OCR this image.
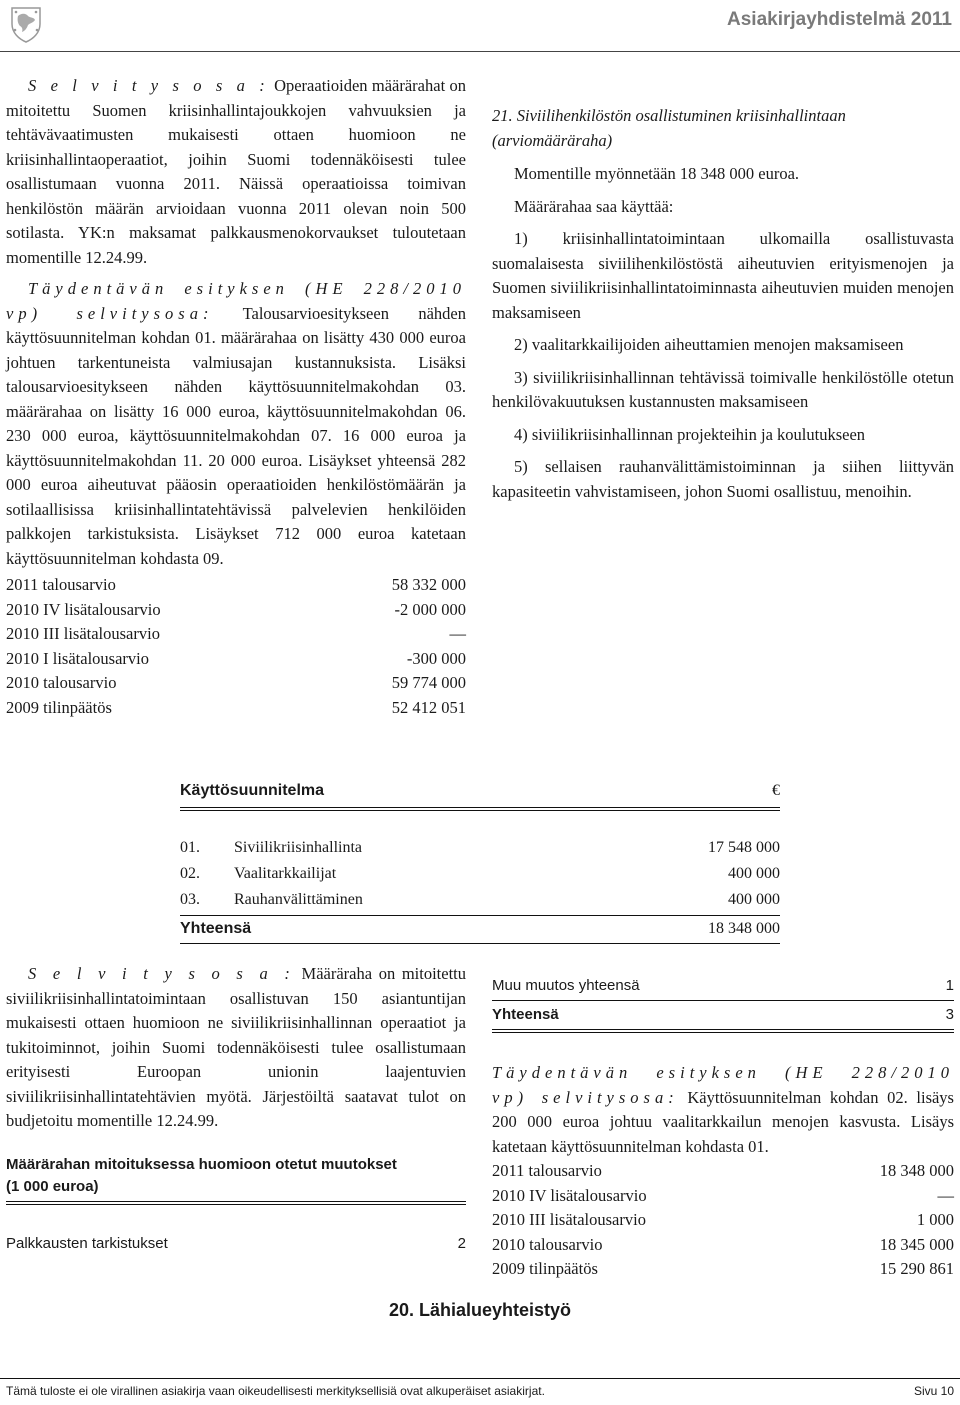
Asiakirjayhdistelmä 2011

S e l v i t y s o s a : Operaatioiden määrärahat on mitoitettu Suomen kriisinhallintajoukkojen vahvuuksien ja tehtävävaatimusten mukaisesti ottaen huomioon ne kriisinhallintaoperaatiot, joihin Suomi todennäköisesti tulee osallistumaan vuonna 2011. Näissä operaatioissa toimivan henkilöstön määrän arvioidaan vuonna 2011 olevan noin 500 sotilasta. YK:n maksamat palkkausmenokorvaukset tuloutetaan momentille 12.24.99.

Täydentävän esityksen (HE 228/2010 vp) selvitysosa: Talousarvioesitykseen nähden käyttösuunnitelman kohdan 01. määrärahaa on lisätty 430 000 euroa johtuen tarkentuneista valmiusajan kustannuksista. Lisäksi talousarvioesitykseen nähden käyttösuunnitelmakohdan 03. määrärahaa on lisätty 16 000 euroa, käyttösuunnitelmakohdan 06. 230 000 euroa, käyttösuunnitelmakohdan 07. 16 000 euroa ja käyttösuunnitelmakohdan 11. 20 000 euroa. Lisäykset yhteensä 282 000 euroa aiheutuvat pääosin operaatioiden henkilöstömäärän ja sotilaallisissa kriisinhallintatehtävissä palvelevien henkilöiden palkkojen tarkistuksista. Lisäykset 712 000 euroa katetaan käyttösuunnitelman kohdasta 09.

2011 talousarvio	58 332 000
2010 IV lisätalousarvio	-2 000 000
2010 III lisätalousarvio	—
2010 I lisätalousarvio	-300 000
2010 talousarvio	59 774 000
2009 tilinpäätös	52 412 051

21. Siviilihenkilöstön osallistuminen kriisinhallintaan (arviomääräraha)

Momentille myönnetään 18 348 000 euroa.

Määrärahaa saa käyttää:

1) kriisinhallintatoimintaan ulkomailla osallistuvasta suomalaisesta siviilihenkilöstöstä aiheutuvien erityismenojen ja Suomen siviilikriisinhallintatoiminnasta aiheutuvien muiden menojen maksamiseen

2) vaalitarkkailijoiden aiheuttamien menojen maksamiseen

3) siviilikriisinhallinnan tehtävissä toimivalle henkilöstölle otetun henkilövakuutuksen kustannusten maksamiseen

4) siviilikriisinhallinnan projekteihin ja koulutukseen

5) sellaisen rauhanvälittämistoiminnan ja siihen liittyvän kapasiteetin vahvistamiseen, johon Suomi osallistuu, menoihin.

Käyttösuunnitelma	€
01.	Siviilikriisinhallinta	17 548 000
02.	Vaalitarkkailijat	400 000
03.	Rauhanvälittäminen	400 000
Yhteensä	18 348 000

S e l v i t y s o s a : Määräraha on mitoitettu siviilikriisinhallintatoimintaan osallistuvan 150 asiantuntijan mukaisesti ottaen huomioon ne siviilikriisinhallinnan operaatiot ja tukitoiminnot, joihin Suomi todennäköisesti tulee osallistumaan erityisesti Euroopan unionin laajentuvien siviilikriisinhallintatehtävien myötä. Järjestöiltä saatavat tulot on budjetoitu momentille 12.24.99.

Määrärahan mitoituksessa huomioon otetut muutokset
(1 000 euroa)
Palkkausten tarkistukset	2
Muu muutos yhteensä	1
Yhteensä	3

Täydentävän esityksen (HE 228/2010 vp) selvitysosa: Käyttösuunnitelman kohdan 02. lisäys 200 000 euroa johtuu vaalitarkkailun menojen kasvusta. Lisäys katetaan käyttösuunnitelman kohdasta 01.

2011 talousarvio	18 348 000
2010 IV lisätalousarvio	—
2010 III lisätalousarvio	1 000
2010 talousarvio	18 345 000
2009 tilinpäätös	15 290 861
20. Lähialueyhteistyö
Tämä tuloste ei ole virallinen asiakirja vaan oikeudellisesti merkityksellisiä ovat alkuperäiset asiakirjat.	Sivu 10
